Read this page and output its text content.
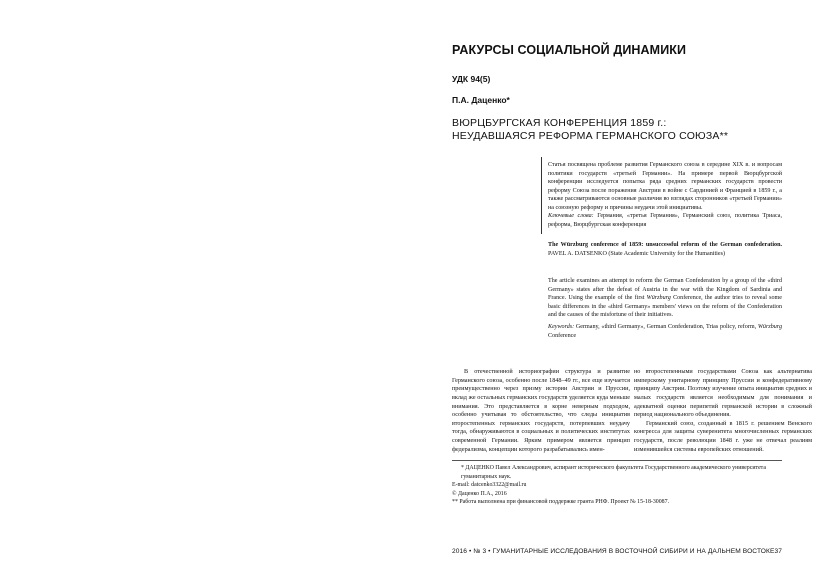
РАКУРСЫ СОЦИАЛЬНОЙ ДИНАМИКИ
УДК 94(5)
П.А. Даценко*
ВЮРЦБУРГСКАЯ КОНФЕРЕНЦИЯ 1859 г.:
НЕУДАВШАЯСЯ РЕФОРМА ГЕРМАНСКОГО СОЮЗА**

Статья посвящена проблеме развития Германского союза в середине XIX в. и вопросам политики государств «третьей Германии». На примере первой Вюрцбургской конференции исследуется попытка ряда средних германских государств провести реформу Союза после поражения Австрии в войне с Сардинией и Францией в 1859 г., а также рассматриваются основные различия во взглядах сторонников «третьей Германии» на союзную реформу и причины неудачи этой инициативы.

Ключевые слова: Германия, «третья Германия», Германский союз, политика Триаса, реформа, Вюрцбургская конференция

The Würzburg conference of 1859: unsuccessful reform of the German confederation. PAVEL A. DATSENKO (State Academic University for the Humanities)

The article examines an attempt to reform the German Confederation by a group of the «third Germany» states after the defeat of Austria in the war with the Kingdom of Sardinia and France. Using the example of the first Würzburg Conference, the author tries to reveal some basic differences in the «third Germany» members' views on the reform of the Confederation and the causes of the misfortune of their initiatives.

Keywords: Germany, «third Germany», German Confederation, Trias policy, reform, Würzburg Conference

В отечественной историографии структура и развитие Германского союза, особенно после 1848–49 гг., все еще изучается преимущественно через призму истории Австрии и Пруссии, вклад же остальных германских государств уделяется куда меньше внимания. Это представляется в корне неверным подходом, особенно учитывая то обстоятельство, что следы инициатив второстепенных германских государств, потерпевших неудачу тогда, обнаруживаются в социальных и политических институтах современной Германии. Ярким примером является принцип федерализма, концепции которого разрабатывались имен-

но второстепенными государствами Союза как альтернатива имперскому унитарному принципу Пруссии и конфедеративному принципу Австрии. Поэтому изучение опыта инициатив средних и малых государств является необходимым для понимания и адекватной оценки перипетий германской истории в сложный период национального объединения.

Германский союз, созданный в 1815 г. решением Венского конгресса для защиты суверенитета многочисленных германских государств, после революции 1848 г. уже не отвечал реалиям изменившейся системы европейских отношений.

* ДАЦЕНКО Павел Александрович, аспирант исторического факультета Государственного академического университета гуманитарных наук.

E-mail: datcenko3322@mail.ru

© Даценко П.А., 2016

** Работа выполнена при финансовой поддержке гранта РНФ. Проект № 15-18-30087.

2016 • № 3 • ГУМАНИТАРНЫЕ ИССЛЕДОВАНИЯ В ВОСТОЧНОЙ СИБИРИ И НА ДАЛЬНЕМ ВОСТОКЕ 37
